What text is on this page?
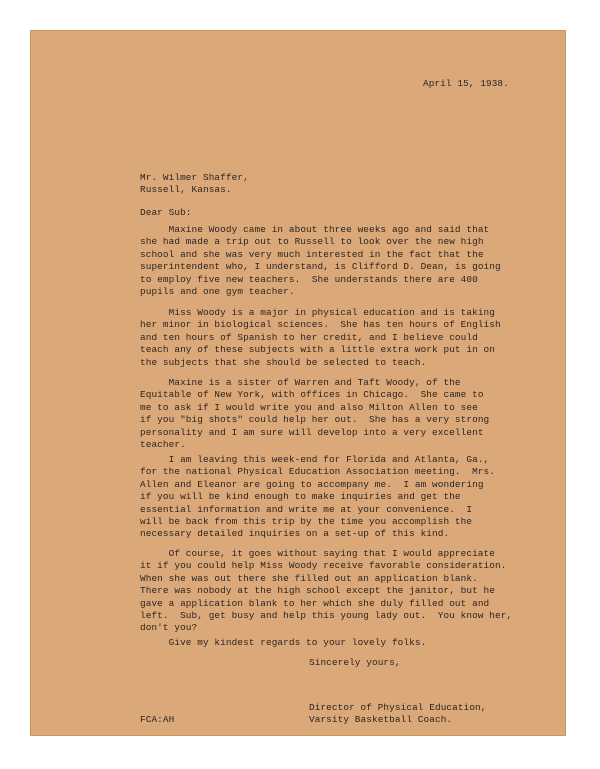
April 15, 1938.
Mr. Wilmer Shaffer,
Russell, Kansas.
Dear Sub:
Maxine Woody came in about three weeks ago and said that
she had made a trip out to Russell to look over the new high
school and she was very much interested in the fact that the
superintendent who, I understand, is Clifford D. Dean, is going
to employ five new teachers.  She understands there are 400
pupils and one gym teacher.
Miss Woody is a major in physical education and is taking
her minor in biological sciences.  She has ten hours of English
and ten hours of Spanish to her credit, and I believe could
teach any of these subjects with a little extra work put in on
the subjects that she should be selected to teach.
Maxine is a sister of Warren and Taft Woody, of the
Equitable of New York, with offices in Chicago.  She came to
me to ask if I would write you and also Milton Allen to see
if you "big shots" could help her out.  She has a very strong
personality and I am sure will develop into a very excellent
teacher.
I am leaving this week-end for Florida and Atlanta, Ga.,
for the national Physical Education Association meeting.  Mrs.
Allen and Eleanor are going to accompany me.  I am wondering
if you will be kind enough to make inquiries and get the
essential information and write me at your convenience.  I
will be back from this trip by the time you accomplish the
necessary detailed inquiries on a set-up of this kind.
Of course, it goes without saying that I would appreciate
it if you could help Miss Woody receive favorable consideration.
When she was out there she filled out an application blank.
There was nobody at the high school except the janitor, but he
gave a application blank to her which she duly filled out and
left.  Sub, get busy and help this young lady out.  You know her,
don't you?
Give my kindest regards to your lovely folks.
Sincerely yours,
Director of Physical Education,
Varsity Basketball Coach.
FCA:AH
